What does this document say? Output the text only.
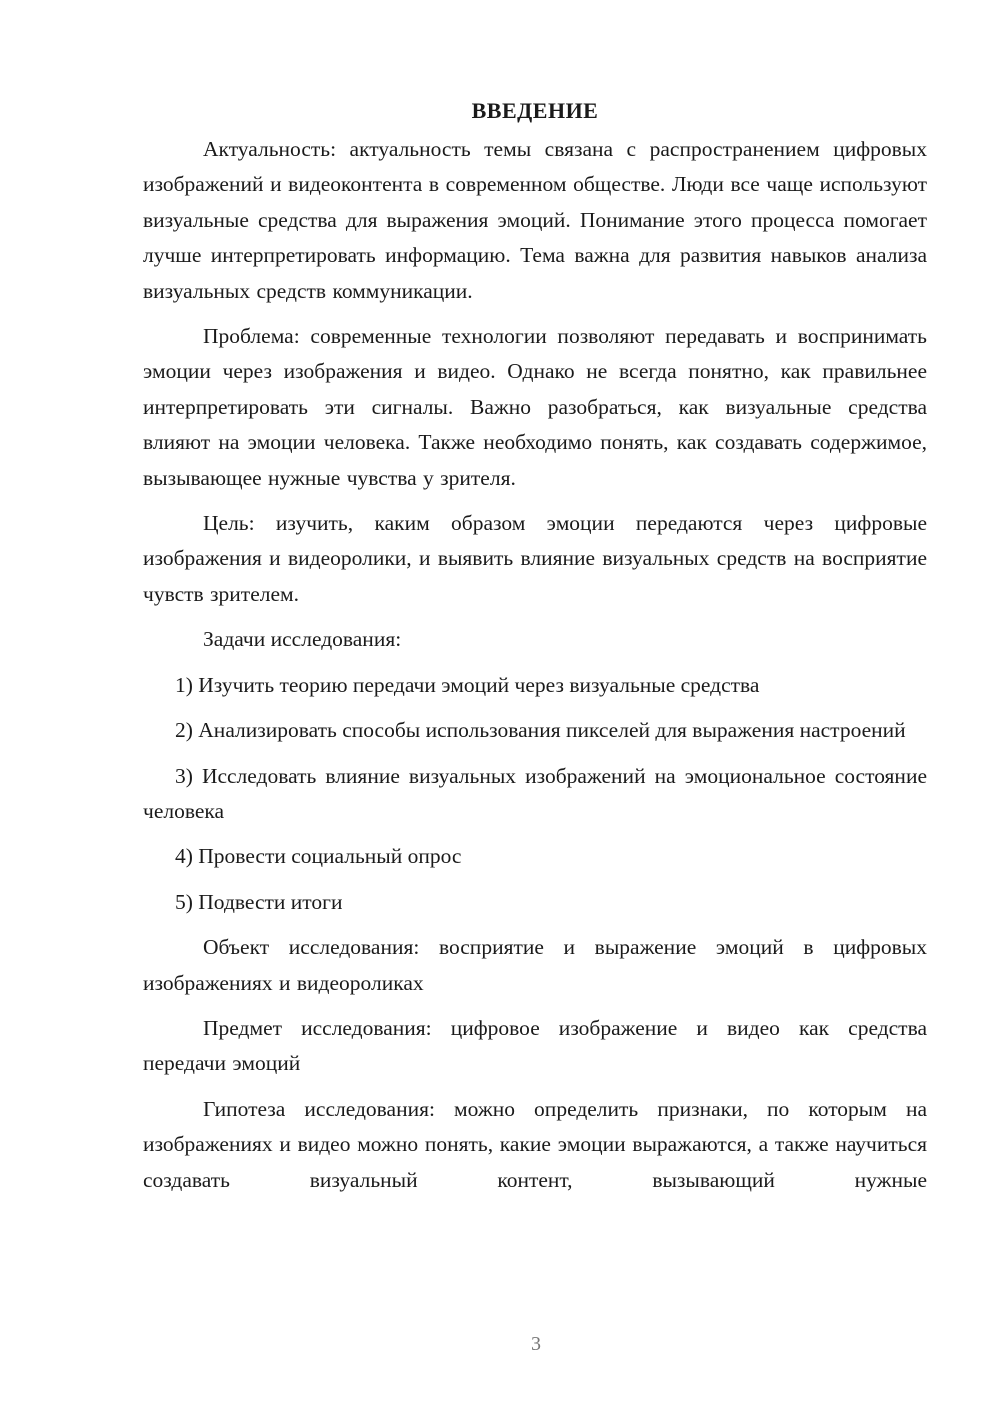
ВВЕДЕНИЕ

Актуальность: актуальность темы связана с распространением цифровых изображений и видеоконтента в современном обществе. Люди все чаще используют визуальные средства для выражения эмоций. Понимание этого процесса помогает лучше интерпретировать информацию. Тема важна для развития навыков анализа визуальных средств коммуникации.

Проблема: современные технологии позволяют передавать и воспринимать эмоции через изображения и видео. Однако не всегда понятно, как правильнее интерпретировать эти сигналы. Важно разобраться, как визуальные средства влияют на эмоции человека. Также необходимо понять, как создавать содержимое, вызывающее нужные чувства у зрителя.

Цель: изучить, каким образом эмоции передаются через цифровые изображения и видеоролики, и выявить влияние визуальных средств на восприятие чувств зрителем.

Задачи исследования:

1) Изучить теорию передачи эмоций через визуальные средства

2) Анализировать способы использования пикселей для выражения настроений

3) Исследовать влияние визуальных изображений на эмоциональное состояние человека

4) Провести социальный опрос

5) Подвести итоги

Объект исследования: восприятие и выражение эмоций в цифровых изображениях и видеороликах

Предмет исследования: цифровое изображение и видео как средства передачи эмоций

Гипотеза исследования: можно определить признаки, по которым на изображениях и видео можно понять, какие эмоции выражаются, а также научиться создавать визуальный контент, вызывающий нужные

3
